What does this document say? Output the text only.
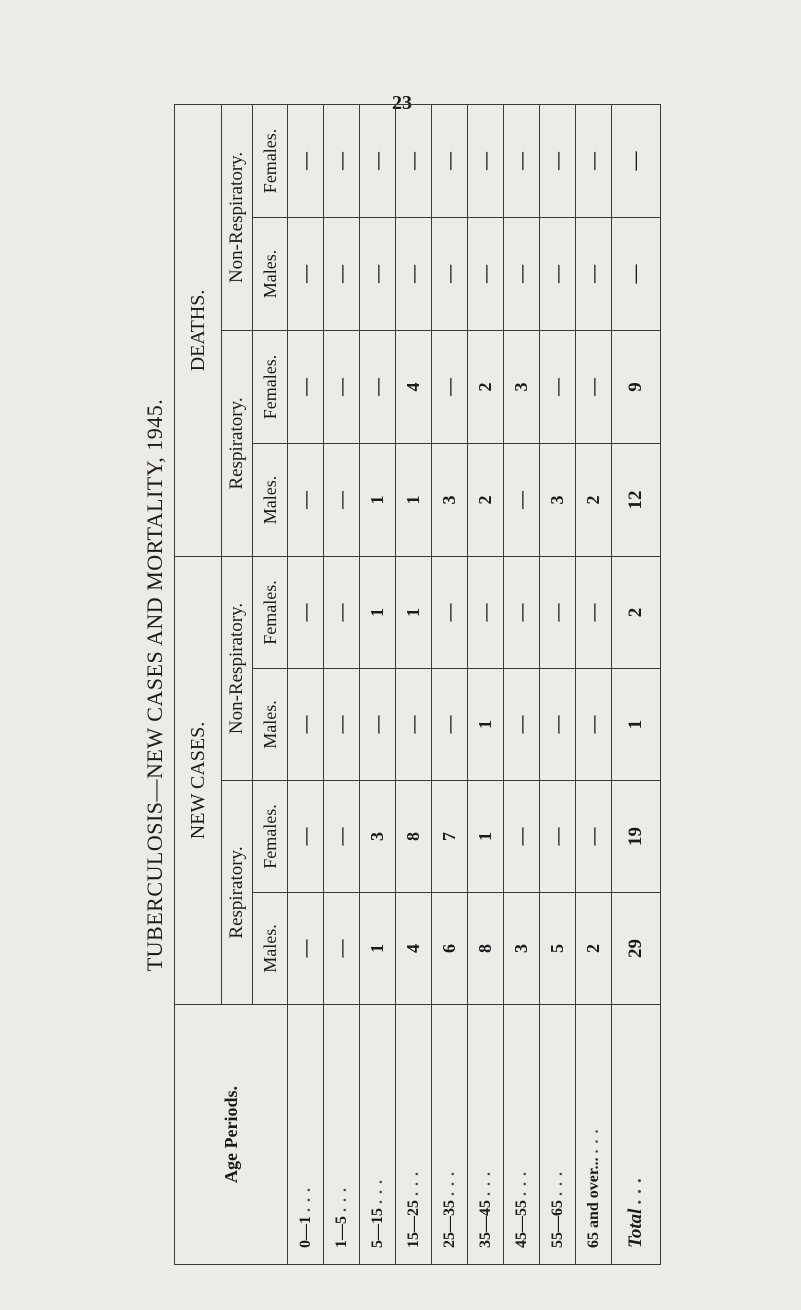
23
TUBERCULOSIS—NEW CASES AND MORTALITY, 1945.
Age Periods.	NEW CASES.				DEATHS.			
	Respiratory.		Non-Respiratory.		Respiratory.		Non-Respiratory.	
	Males.	Females.	Males.	Females.	Males.	Females.	Males.	Females.
0—1 ...	—	—	—	—	—	—	—	—
1—5 ...	—	—	—	—	—	—	—	—
5—15 ...	1	3	—	1	1	—	—	—
15—25 ...	4	8	—	1	1	4	—	—
25—35 ...	6	7	—	—	3	—	—	—
35—45 ...	8	1	1	—	2	2	—	—
45—55 ...	3	—	—	—	—	3	—	—
55—65 ...	5	—	—	—	3	—	—	—
65 and over... ...	2	—	—	—	2	—	—	—
Total ...	29	19	1	2	12	9	—	—
